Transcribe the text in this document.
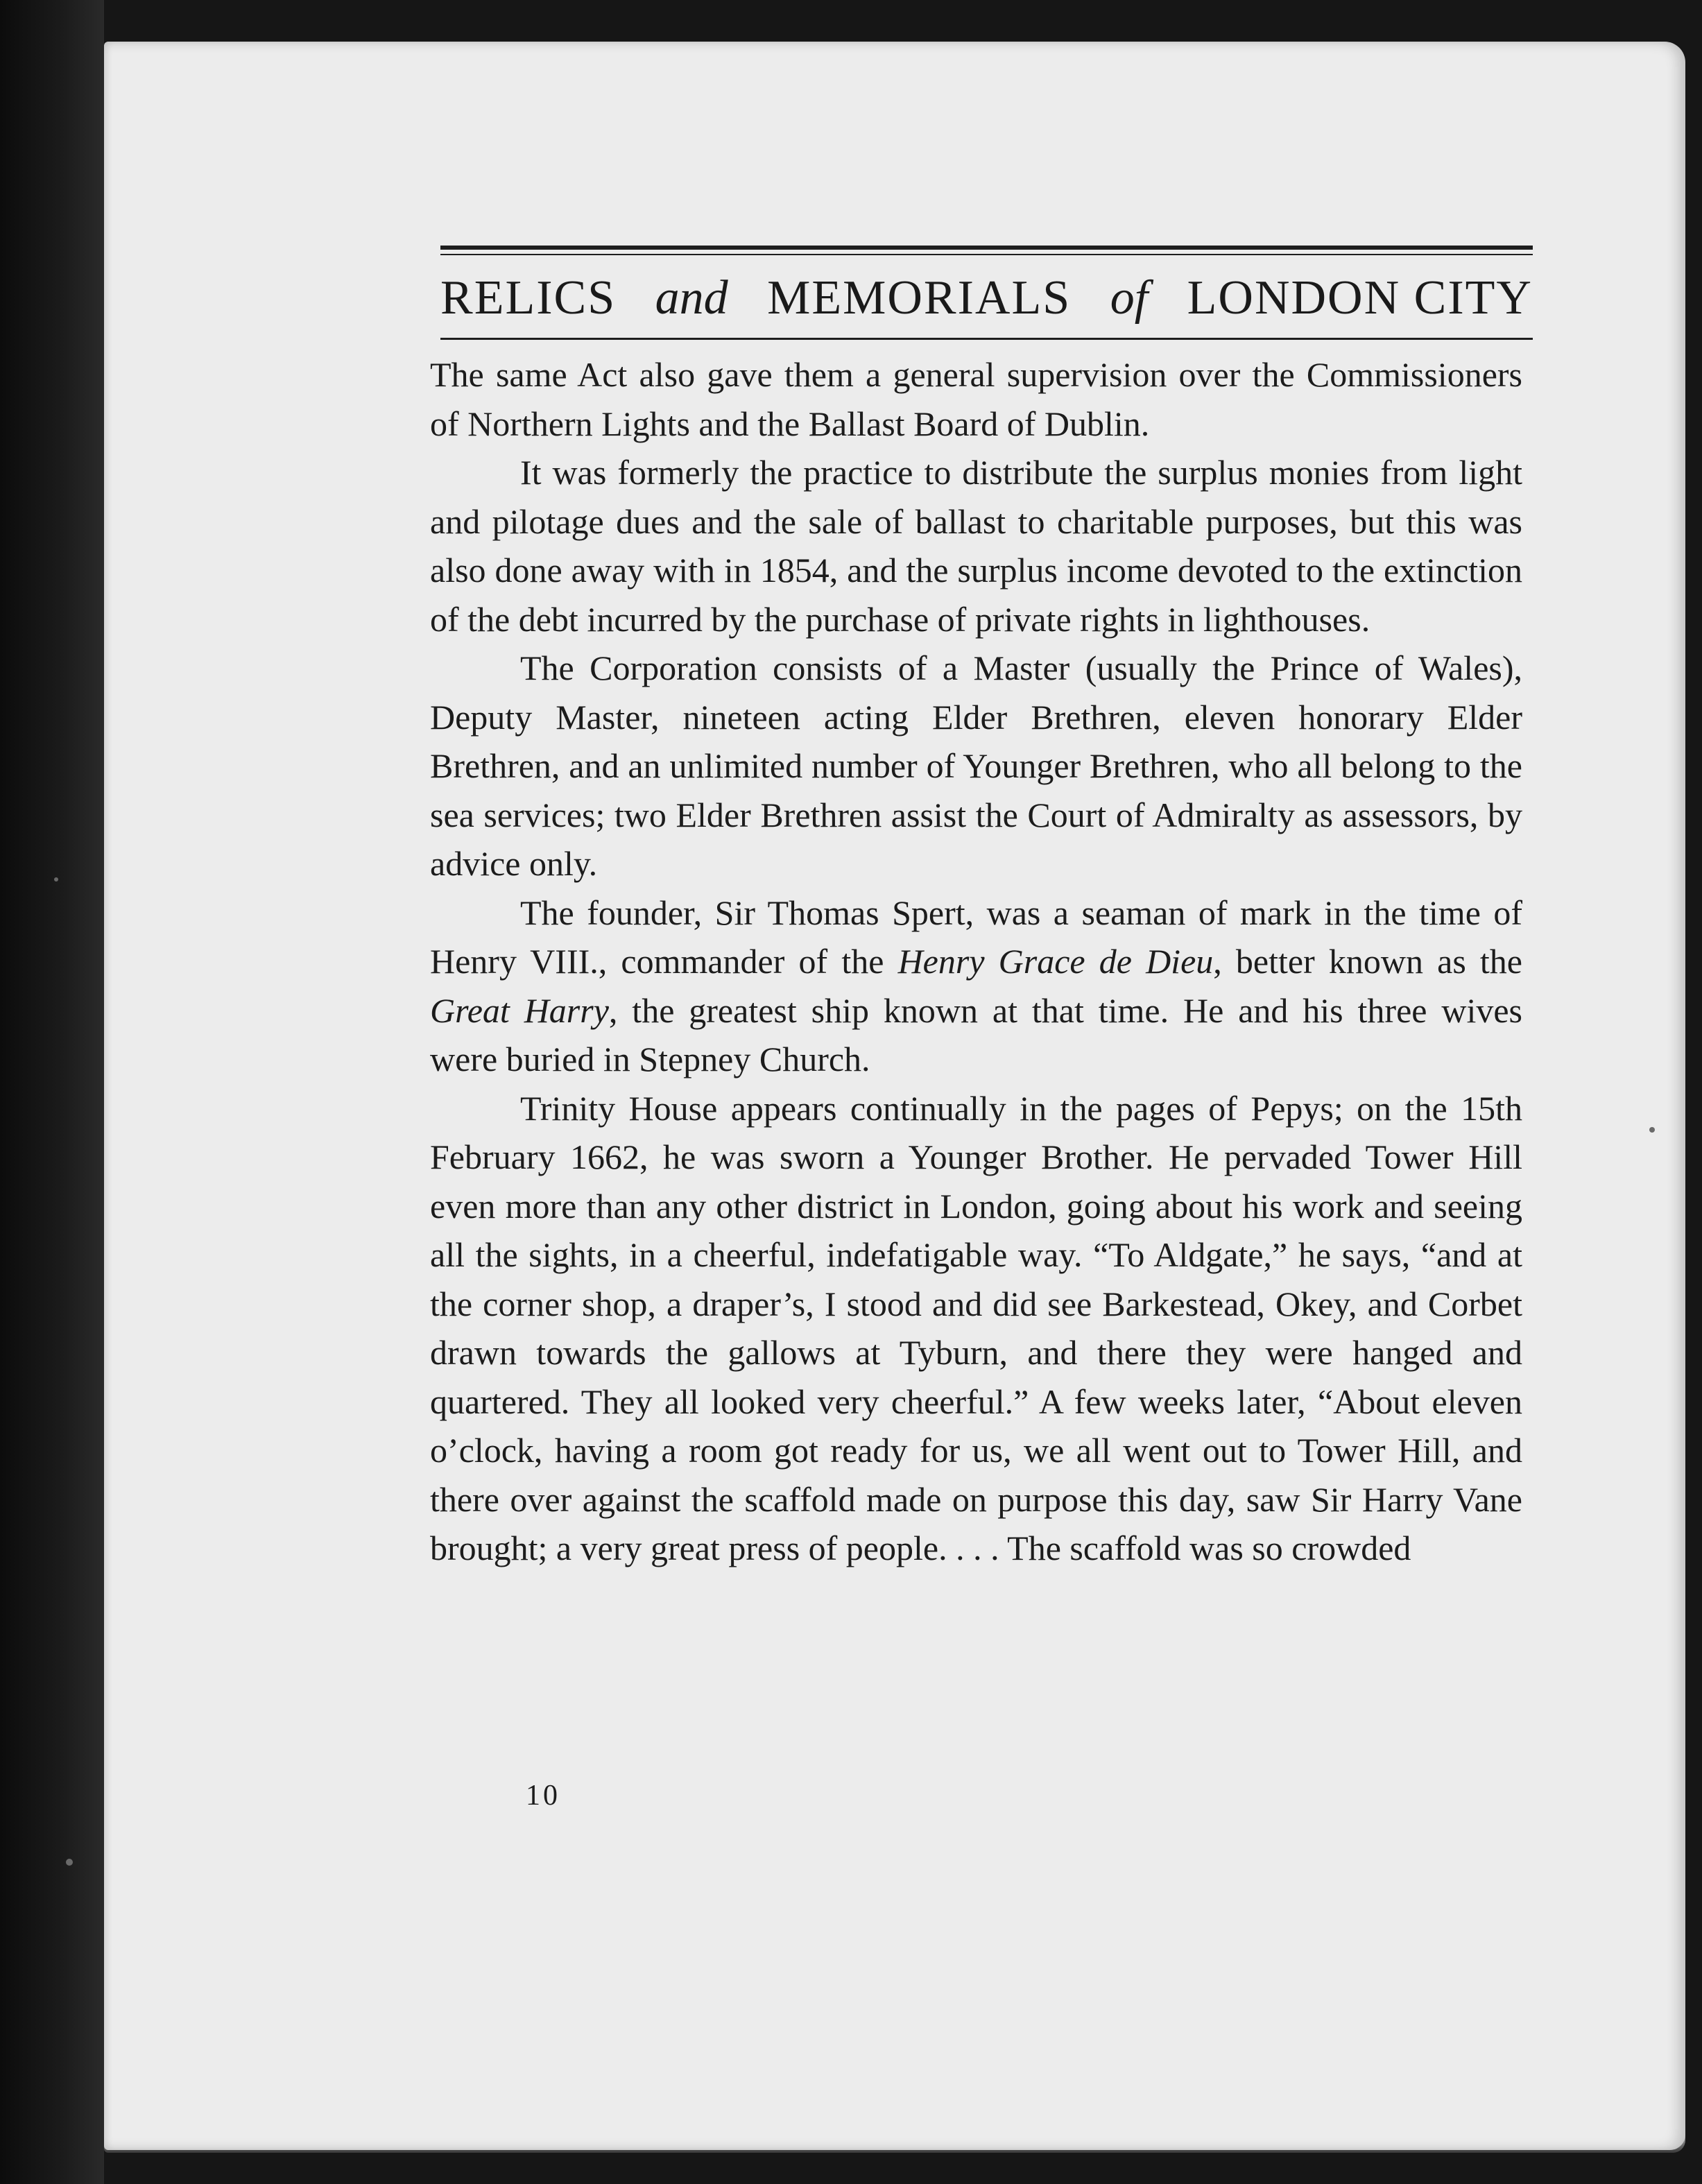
RELICS and MEMORIALS of LONDON CITY

The same Act also gave them a general supervision over the Commissioners of Northern Lights and the Ballast Board of Dublin.

It was formerly the practice to distribute the surplus monies from light and pilotage dues and the sale of ballast to charitable purposes, but this was also done away with in 1854, and the surplus income devoted to the extinction of the debt incurred by the purchase of private rights in lighthouses.

The Corporation consists of a Master (usually the Prince of Wales), Deputy Master, nineteen acting Elder Brethren, eleven honorary Elder Brethren, and an unlimited number of Younger Brethren, who all belong to the sea services; two Elder Brethren assist the Court of Admiralty as assessors, by advice only.

The founder, Sir Thomas Spert, was a seaman of mark in the time of Henry VIII., commander of the Henry Grace de Dieu, better known as the Great Harry, the greatest ship known at that time. He and his three wives were buried in Stepney Church.

Trinity House appears continually in the pages of Pepys; on the 15th February 1662, he was sworn a Younger Brother. He pervaded Tower Hill even more than any other district in London, going about his work and seeing all the sights, in a cheerful, indefatigable way. “To Aldgate,” he says, “and at the corner shop, a draper’s, I stood and did see Barkestead, Okey, and Corbet drawn towards the gallows at Tyburn, and there they were hanged and quartered. They all looked very cheerful.” A few weeks later, “About eleven o’clock, having a room got ready for us, we all went out to Tower Hill, and there over against the scaffold made on purpose this day, saw Sir Harry Vane brought; a very great press of people. . . . The scaffold was so crowded

10
